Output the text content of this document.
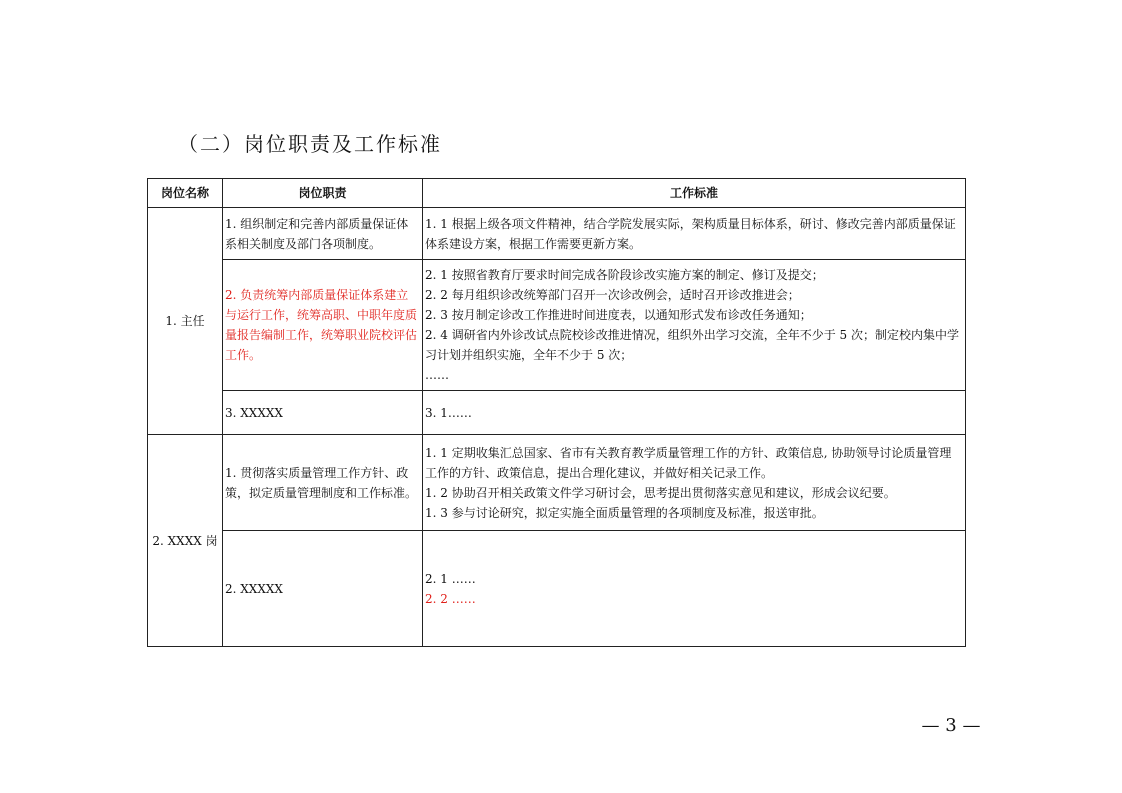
（二）岗位职责及工作标准
岗位名称	岗位职责	工作标准
1. 主任	1. 组织制定和完善内部质量保证体系相关制度及部门各项制度。	1. 1 根据上级各项文件精神，结合学院发展实际，架构质量目标体系，研讨、修改完善内部质量保证体系建设方案，根据工作需要更新方案。

	2. 负责统筹内部质量保证体系建立与运行工作，统筹高职、中职年度质量报告编制工作，统筹职业院校评估工作。	2. 1 按照省教育厅要求时间完成各阶段诊改实施方案的制定、修订及提交；
2. 2 每月组织诊改统筹部门召开一次诊改例会，适时召开诊改推进会；
2. 3 按月制定诊改工作推进时间进度表，以通知形式发布诊改任务通知；
2. 4 调研省内外诊改试点院校诊改推进情况，组织外出学习交流，全年不少于 5 次；制定校内集中学习计划并组织实施，全年不少于 5 次；
……

	3. XXXXX	3. 1……

2. XXXX 岗	1. 贯彻落实质量管理工作方针、政策，拟定质量管理制度和工作标准。	1. 1 定期收集汇总国家、省市有关教育教学质量管理工作的方针、政策信息, 协助领导讨论质量管理工作的方针、政策信息，提出合理化建议，并做好相关记录工作。
1. 2 协助召开相关政策文件学习研讨会，思考提出贯彻落实意见和建议，形成会议纪要。
1. 3 参与讨论研究，拟定实施全面质量管理的各项制度及标准，报送审批。

	2. XXXXX	2. 1 ……
2. 2 ……
— 3 —
